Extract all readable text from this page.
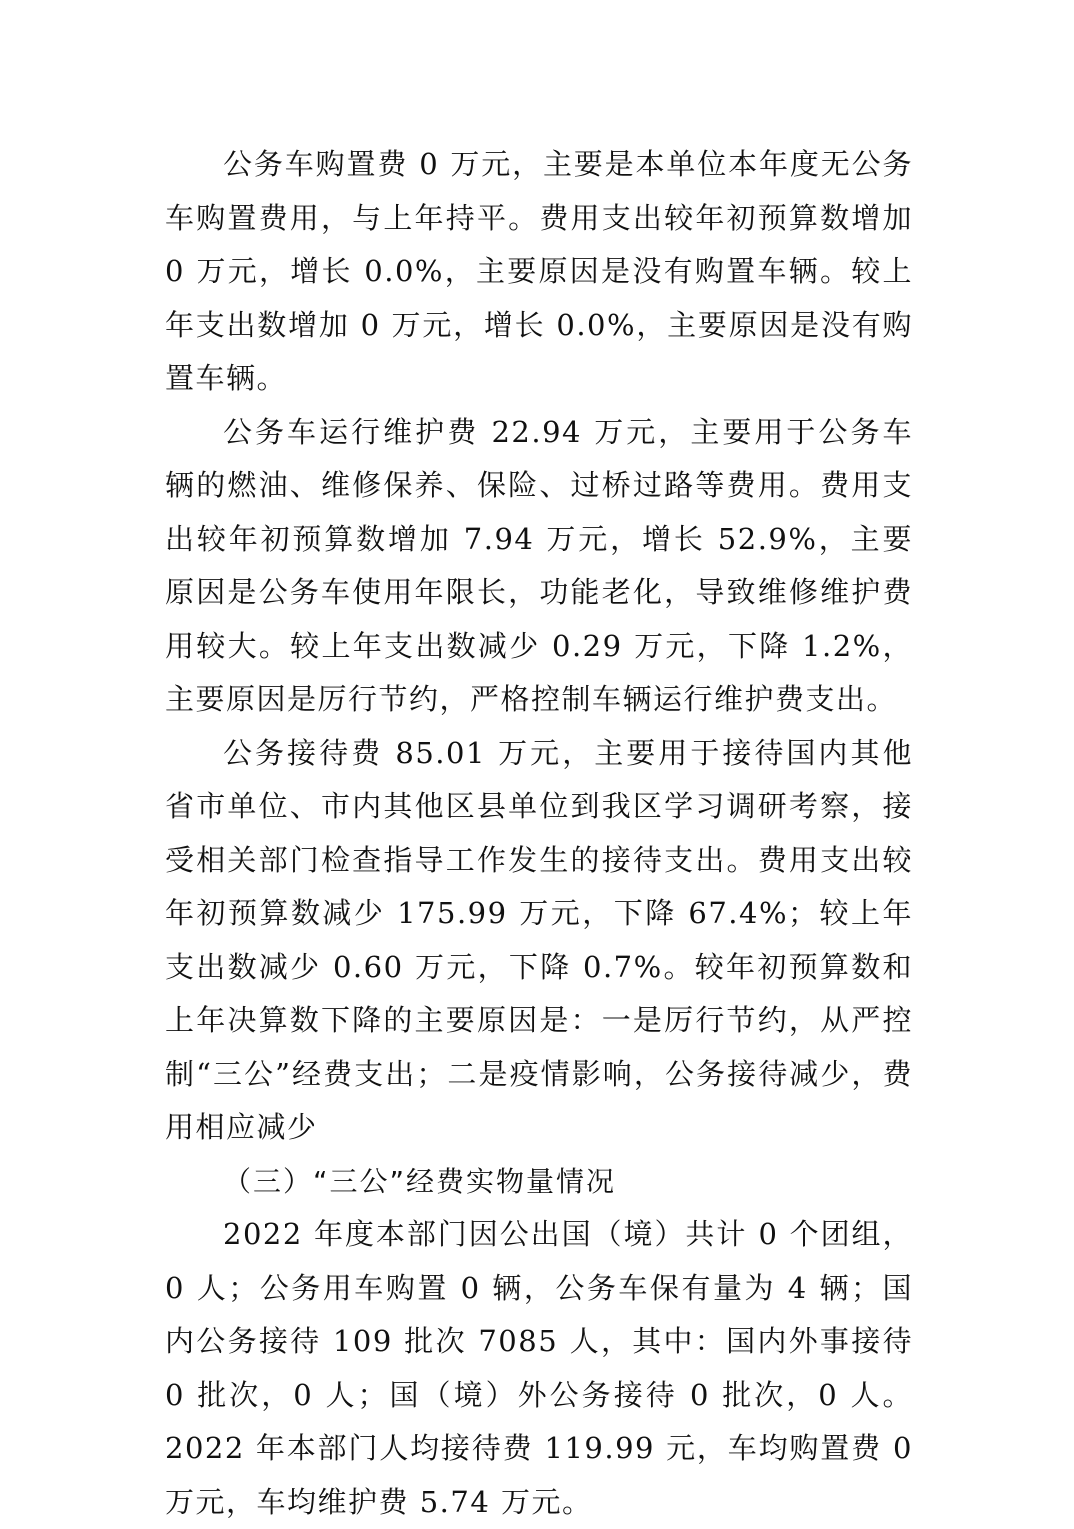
公务车购置费 0 万元，主要是本单位本年度无公务车购置费用，与上年持平。费用支出较年初预算数增加 0 万元，增长 0.0%，主要原因是没有购置车辆。较上年支出数增加 0 万元，增长 0.0%，主要原因是没有购置车辆。

公务车运行维护费 22.94 万元，主要用于公务车辆的燃油、维修保养、保险、过桥过路等费用。费用支出较年初预算数增加 7.94 万元，增长 52.9%，主要原因是公务车使用年限长，功能老化，导致维修维护费用较大。较上年支出数减少 0.29 万元，下降 1.2%，主要原因是厉行节约，严格控制车辆运行维护费支出。

公务接待费 85.01 万元，主要用于接待国内其他省市单位、市内其他区县单位到我区学习调研考察，接受相关部门检查指导工作发生的接待支出。费用支出较年初预算数减少 175.99 万元，下降 67.4%；较上年支出数减少 0.60 万元，下降 0.7%。较年初预算数和上年决算数下降的主要原因是：一是厉行节约，从严控制“三公”经费支出；二是疫情影响，公务接待减少，费用相应减少

（三）“三公”经费实物量情况

2022 年度本部门因公出国（境）共计 0 个团组，0 人；公务用车购置 0 辆，公务车保有量为 4 辆；国内公务接待 109 批次 7085 人，其中：国内外事接待 0 批次，0 人；国（境）外公务接待 0 批次，0 人。2022 年本部门人均接待费 119.99 元，车均购置费 0 万元，车均维护费 5.74 万元。
